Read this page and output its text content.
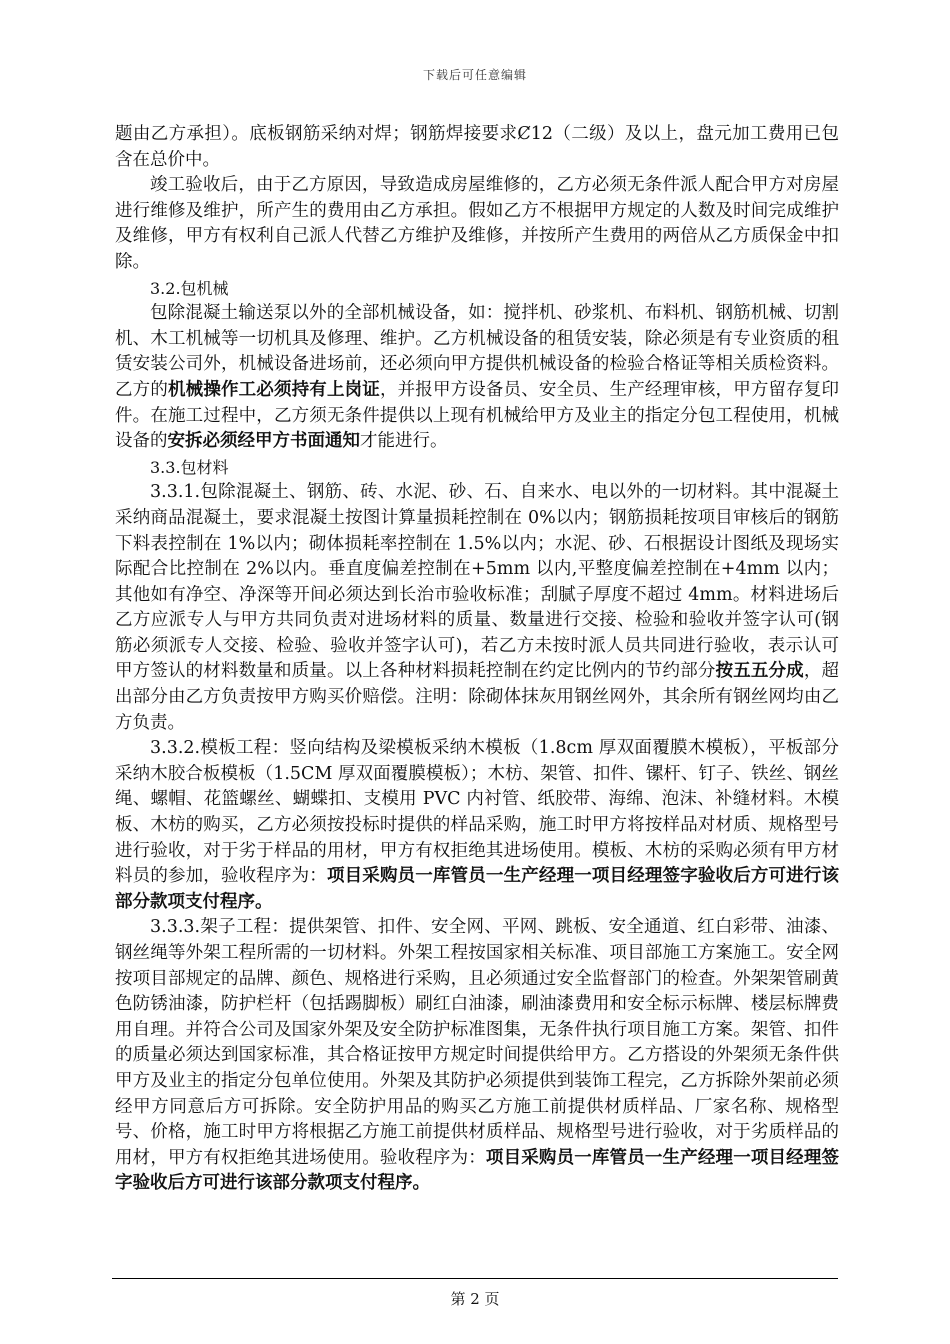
下载后可任意编辑

题由乙方承担）。底板钢筋采纳对焊；钢筋焊接要求Ȼ12（二级）及以上，盘元加工费用已包含在总价中。

竣工验收后，由于乙方原因，导致造成房屋维修的，乙方必须无条件派人配合甲方对房屋进行维修及维护，所产生的费用由乙方承担。假如乙方不根据甲方规定的人数及时间完成维护及维修，甲方有权利自己派人代替乙方维护及维修，并按所产生费用的两倍从乙方质保金中扣除。

3.2.包机械

包除混凝土输送泵以外的全部机械设备，如：搅拌机、砂浆机、布料机、钢筋机械、切割机、木工机械等一切机具及修理、维护。乙方机械设备的租赁安装，除必须是有专业资质的租赁安装公司外，机械设备进场前，还必须向甲方提供机械设备的检验合格证等相关质检资料。乙方的机械操作工必须持有上岗证，并报甲方设备员、安全员、生产经理审核，甲方留存复印件。在施工过程中，乙方须无条件提供以上现有机械给甲方及业主的指定分包工程使用，机械设备的安拆必须经甲方书面通知才能进行。

3.3.包材料

3.3.1.包除混凝土、钢筋、砖、水泥、砂、石、自来水、电以外的一切材料。其中混凝土采纳商品混凝土，要求混凝土按图计算量损耗控制在 0%以内；钢筋损耗按项目审核后的钢筋下料表控制在 1%以内；砌体损耗率控制在 1.5%以内；水泥、砂、石根据设计图纸及现场实际配合比控制在 2%以内。垂直度偏差控制在+5mm 以内,平整度偏差控制在+4mm 以内；其他如有净空、净深等开间必须达到长治市验收标准；刮腻子厚度不超过 4mm。材料进场后乙方应派专人与甲方共同负责对进场材料的质量、数量进行交接、检验和验收并签字认可(钢筋必须派专人交接、检验、验收并签字认可)，若乙方未按时派人员共同进行验收，表示认可甲方签认的材料数量和质量。以上各种材料损耗控制在约定比例内的节约部分按五五分成，超出部分由乙方负责按甲方购买价赔偿。注明：除砌体抹灰用钢丝网外，其余所有钢丝网均由乙方负责。

3.3.2.模板工程：竖向结构及梁模板采纳木模板（1.8cm 厚双面覆膜木模板），平板部分采纳木胶合板模板（1.5CM 厚双面覆膜模板）；木枋、架管、扣件、镙杆、钉子、铁丝、钢丝绳、螺帽、花篮螺丝、蝴蝶扣、支模用 PVC 内衬管、纸胶带、海绵、泡沫、补缝材料。木模板、木枋的购买，乙方必须按投标时提供的样品采购，施工时甲方将按样品对材质、规格型号进行验收，对于劣于样品的用材，甲方有权拒绝其进场使用。模板、木枋的采购必须有甲方材料员的参加，验收程序为：项目采购员一库管员一生产经理一项目经理签字验收后方可进行该部分款项支付程序。

3.3.3.架子工程：提供架管、扣件、安全网、平网、跳板、安全通道、红白彩带、油漆、钢丝绳等外架工程所需的一切材料。外架工程按国家相关标准、项目部施工方案施工。安全网按项目部规定的品牌、颜色、规格进行采购，且必须通过安全监督部门的检查。外架架管刷黄色防锈油漆，防护栏杆（包括踢脚板）刷红白油漆，刷油漆费用和安全标示标牌、楼层标牌费用自理。并符合公司及国家外架及安全防护标准图集，无条件执行项目施工方案。架管、扣件的质量必须达到国家标准，其合格证按甲方规定时间提供给甲方。乙方搭设的外架须无条件供甲方及业主的指定分包单位使用。外架及其防护必须提供到装饰工程完，乙方拆除外架前必须经甲方同意后方可拆除。安全防护用品的购买乙方施工前提供材质样品、厂家名称、规格型号、价格，施工时甲方将根据乙方施工前提供材质样品、规格型号进行验收，对于劣质样品的用材，甲方有权拒绝其进场使用。验收程序为：项目采购员一库管员一生产经理一项目经理签字验收后方可进行该部分款项支付程序。

第 2 页
